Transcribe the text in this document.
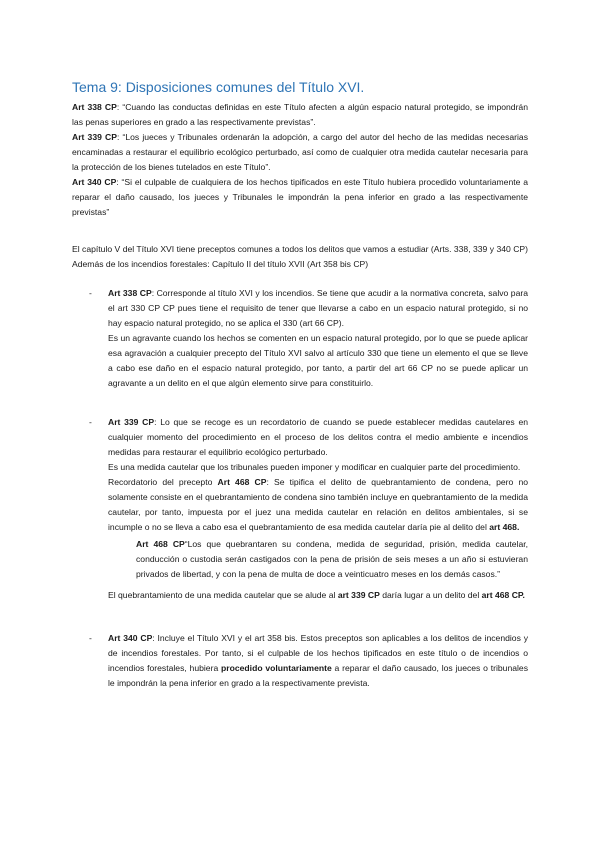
Tema 9: Disposiciones comunes del Título XVI.

Art 338 CP: “Cuando las conductas definidas en este Título afecten a algún espacio natural protegido, se impondrán las penas superiores en grado a las respectivamente previstas”.

Art 339 CP: “Los jueces y Tribunales ordenarán la adopción, a cargo del autor del hecho de las medidas necesarias encaminadas a restaurar el equilibrio ecológico perturbado, así como de cualquier otra medida cautelar necesaria para la protección de los bienes tutelados en este Título”.

Art 340 CP: “Si el culpable de cualquiera de los hechos tipificados en este Título hubiera procedido voluntariamente a reparar el daño causado, los jueces y Tribunales le impondrán la pena inferior en grado a las respectivamente previstas”

El capítulo V del Título XVI tiene preceptos comunes a todos los delitos que vamos a estudiar (Arts. 338, 339 y 340 CP) Además de los incendios forestales: Capítulo II del título XVII (Art 358 bis CP)

- Art 338 CP: Corresponde al título XVI y los incendios. Se tiene que acudir a la normativa concreta, salvo para el art 330 CP CP pues tiene el requisito de tener que llevarse a cabo en un espacio natural protegido, si no hay espacio natural protegido, no se aplica el 330 (art 66 CP).

Es un agravante cuando los hechos se comenten en un espacio natural protegido, por lo que se puede aplicar esa agravación a cualquier precepto del Título XVI salvo al artículo 330 que tiene un elemento el que se lleve a cabo ese daño en el espacio natural protegido, por tanto, a partir del art 66 CP no se puede aplicar un agravante a un delito en el que algún elemento sirve para constituirlo.

- Art 339 CP: Lo que se recoge es un recordatorio de cuando se puede establecer medidas cautelares en cualquier momento del procedimiento en el proceso de los delitos contra el medio ambiente e incendios medidas para restaurar el equilibrio ecológico perturbado.

Es una medida cautelar que los tribunales pueden imponer y modificar en cualquier parte del procedimiento.

Recordatorio del precepto Art 468 CP: Se tipifica el delito de quebrantamiento de condena, pero no solamente consiste en el quebrantamiento de condena sino también incluye en quebrantamiento de la medida cautelar, por tanto, impuesta por el juez una medida cautelar en relación en delitos ambientales, si se incumple o no se lleva a cabo esa el quebrantamiento de esa medida cautelar daría pie al delito del art 468.

Art 468 CP“Los que quebrantaren su condena, medida de seguridad, prisión, medida cautelar, conducción o custodia serán castigados con la pena de prisión de seis meses a un año si estuvieran privados de libertad, y con la pena de multa de doce a veinticuatro meses en los demás casos.”

El quebrantamiento de una medida cautelar que se alude al art 339 CP daría lugar a un delito del art 468 CP.

- Art 340 CP: Incluye el Título XVI y el art 358 bis. Estos preceptos son aplicables a los delitos de incendios y de incendios forestales. Por tanto, si el culpable de los hechos tipificados en este título o de incendios o incendios forestales, hubiera procedido voluntariamente a reparar el daño causado, los jueces o tribunales le impondrán la pena inferior en grado a la respectivamente prevista.
